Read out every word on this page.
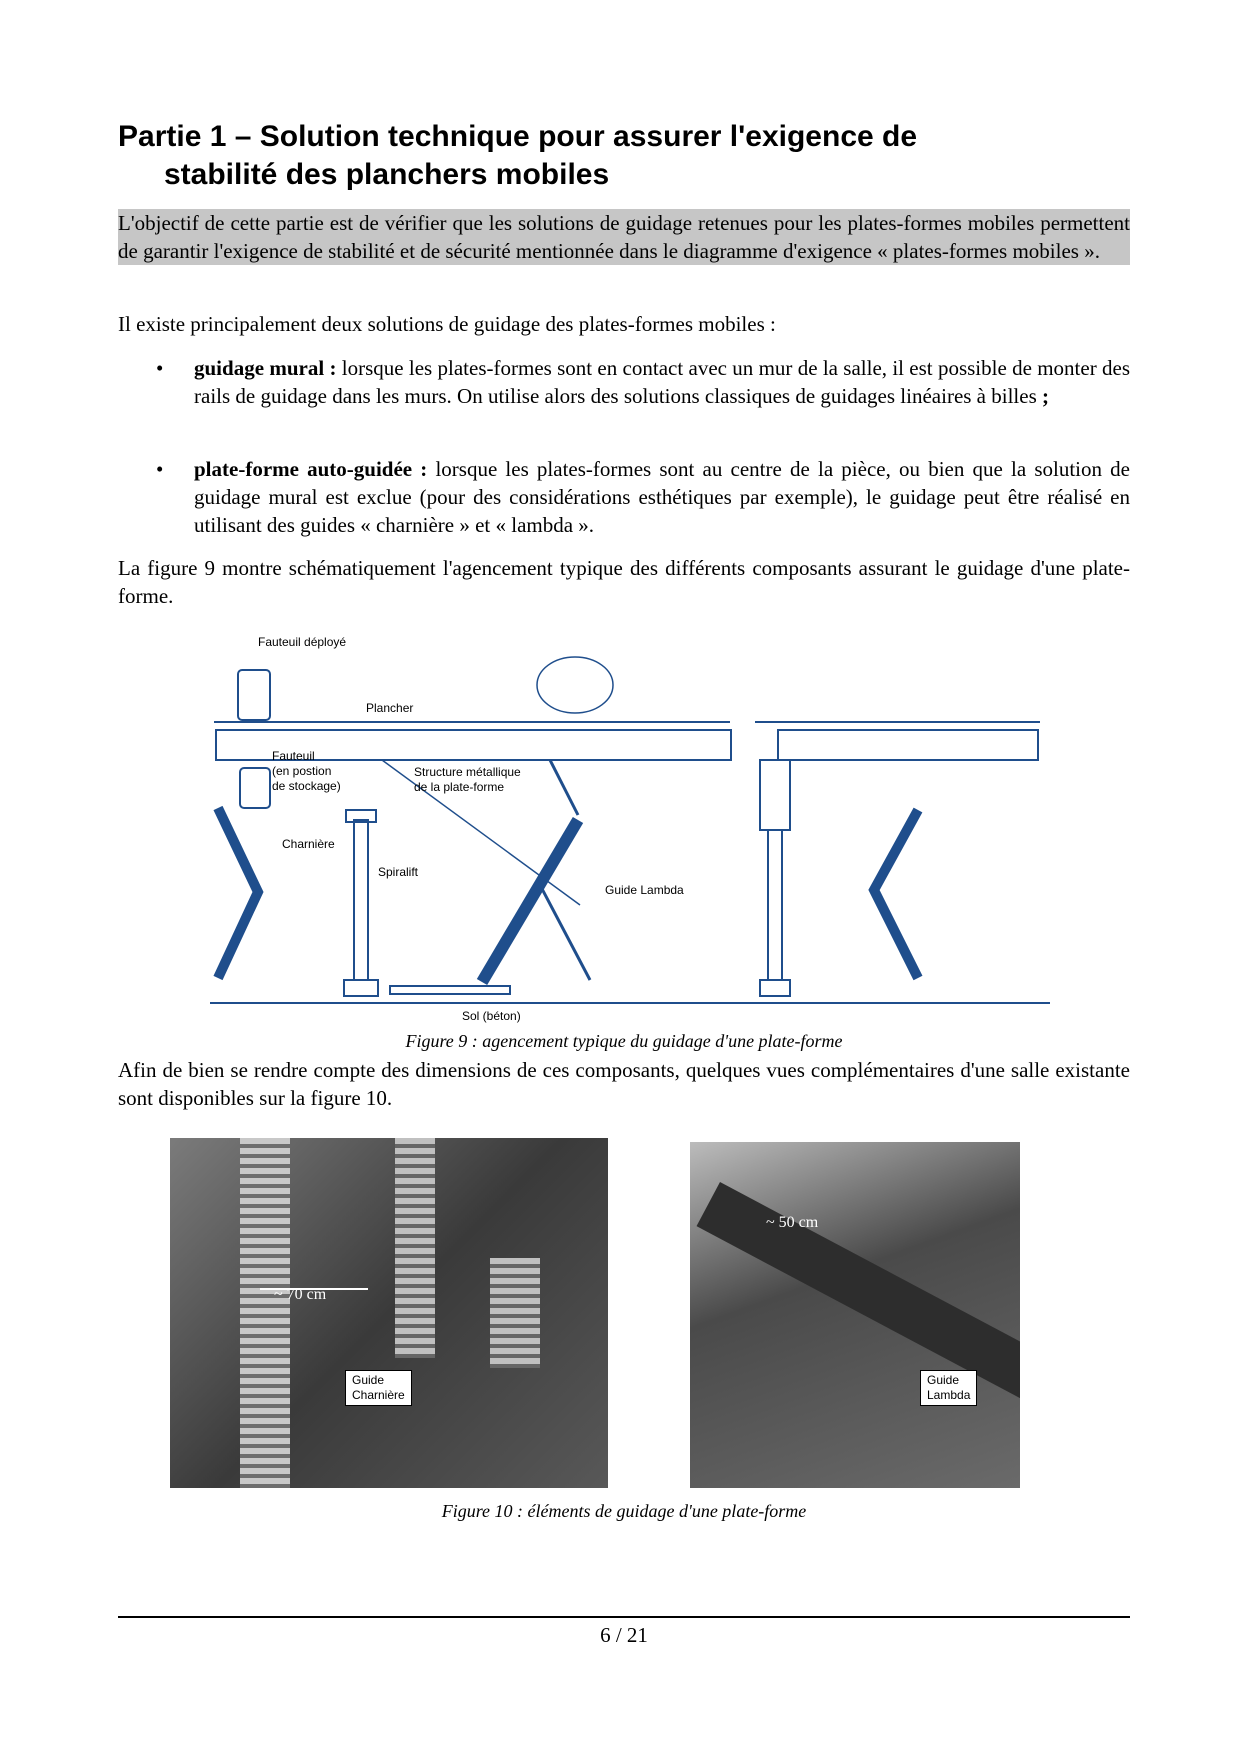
Partie 1 – Solution technique pour assurer l'exigence de
stabilité des planchers mobiles

L'objectif de cette partie est de vérifier que les solutions de guidage retenues pour les plates-formes mobiles permettent de garantir l'exigence de stabilité et de sécurité mentionnée dans le diagramme d'exigence « plates-formes mobiles ».

Il existe principalement deux solutions de guidage des plates-formes mobiles :

• guidage mural : lorsque les plates-formes sont en contact avec un mur de la salle, il est possible de monter des rails de guidage dans les murs. On utilise alors des solutions classiques de guidages linéaires à billes ;
• plate-forme auto-guidée : lorsque les plates-formes sont au centre de la pièce, ou bien que la solution de guidage mural est exclue (pour des considérations esthétiques par exemple), le guidage peut être réalisé en utilisant des guides « charnière » et « lambda ».

La figure 9 montre schématiquement l'agencement typique des différents composants assurant le guidage d'une plate-forme.

Fauteuil déployé
Plancher
Fauteuil
(en postion
de stockage)
Structure métallique
de la plate-forme
Charnière
Spiralift
Guide Lambda
Sol (béton)

Figure 9 : agencement typique du guidage d'une plate-forme

Afin de bien se rendre compte des dimensions de ces composants, quelques vues complémentaires d'une salle existante sont disponibles sur la figure 10.

~ 70 cm
Guide
Charnière
~ 50 cm
Guide
Lambda

Figure 10 : éléments de guidage d'une plate-forme

6 / 21
